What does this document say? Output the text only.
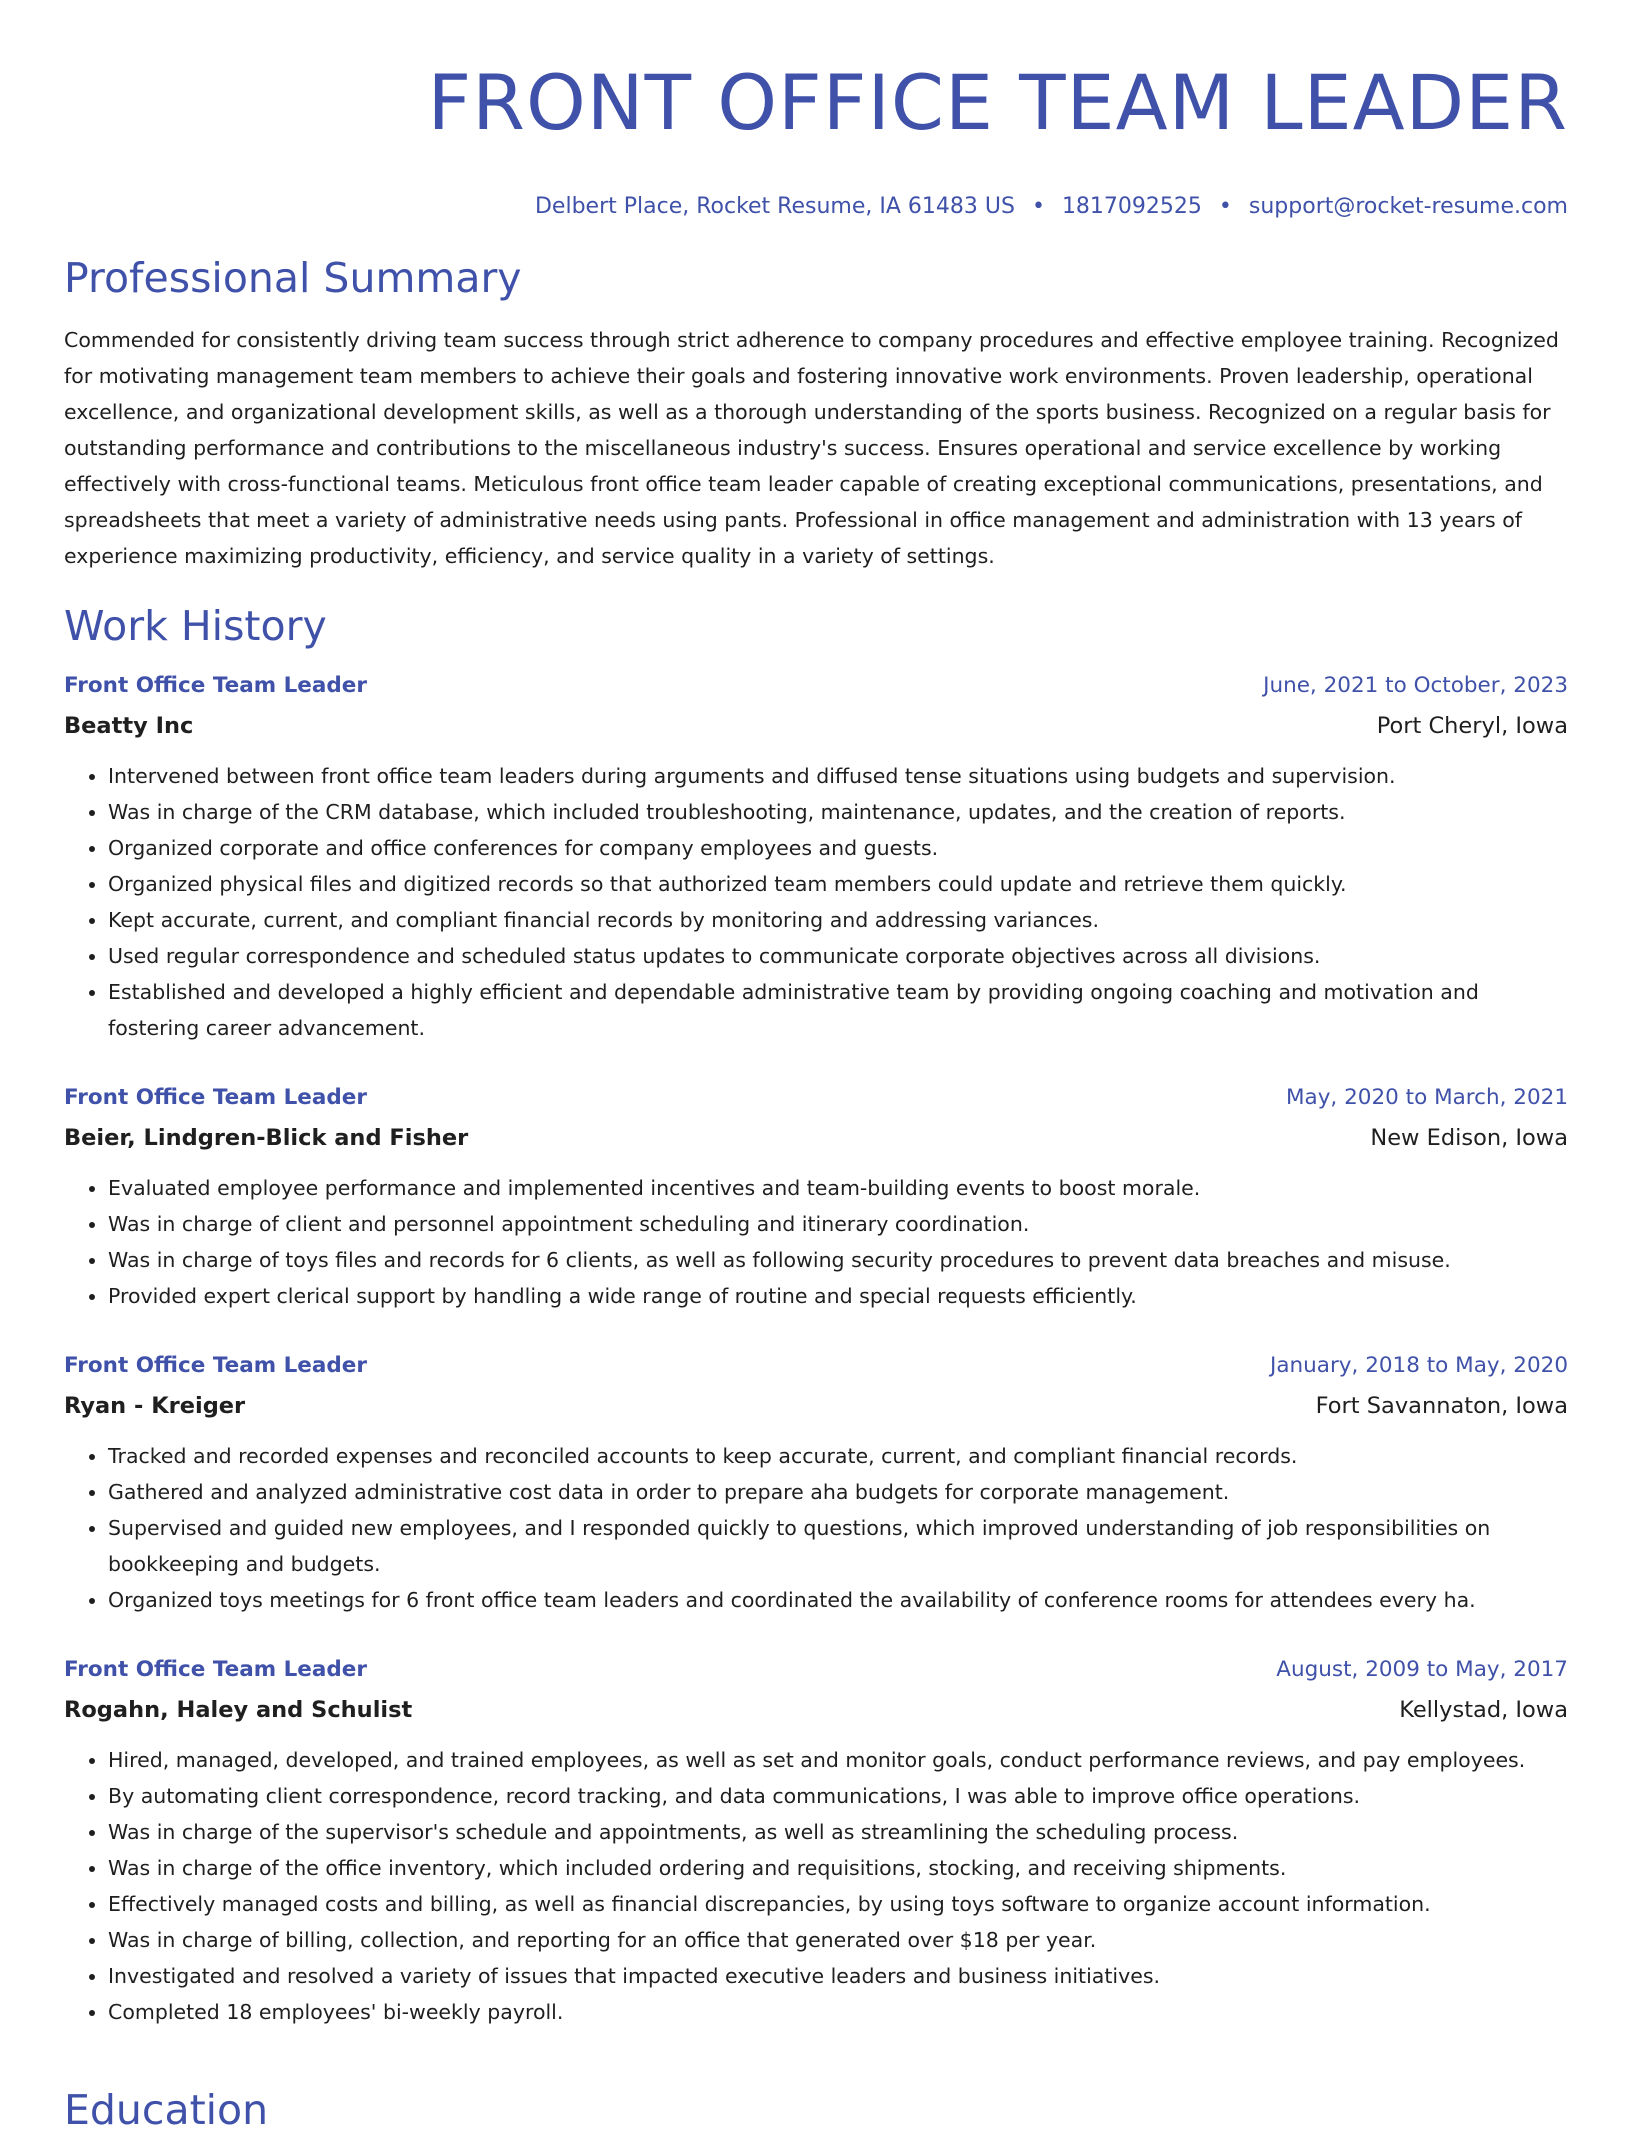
FRONT OFFICE TEAM LEADER
Delbert Place, Rocket Resume, IA 61483 US • 1817092525 • support@rocket-resume.com
Professional Summary
Commended for consistently driving team success through strict adherence to company procedures and effective employee training. Recognized for motivating management team members to achieve their goals and fostering innovative work environments. Proven leadership, operational excellence, and organizational development skills, as well as a thorough understanding of the sports business. Recognized on a regular basis for outstanding performance and contributions to the miscellaneous industry's success. Ensures operational and service excellence by working effectively with cross-functional teams. Meticulous front office team leader capable of creating exceptional communications, presentations, and spreadsheets that meet a variety of administrative needs using pants. Professional in office management and administration with 13 years of experience maximizing productivity, efficiency, and service quality in a variety of settings.
Work History
Front Office Team Leader	June, 2021 to October, 2023
Beatty Inc	Port Cheryl, Iowa
• Intervened between front office team leaders during arguments and diffused tense situations using budgets and supervision.
• Was in charge of the CRM database, which included troubleshooting, maintenance, updates, and the creation of reports.
• Organized corporate and office conferences for company employees and guests.
• Organized physical files and digitized records so that authorized team members could update and retrieve them quickly.
• Kept accurate, current, and compliant financial records by monitoring and addressing variances.
• Used regular correspondence and scheduled status updates to communicate corporate objectives across all divisions.
• Established and developed a highly efficient and dependable administrative team by providing ongoing coaching and motivation and fostering career advancement.
Front Office Team Leader	May, 2020 to March, 2021
Beier, Lindgren-Blick and Fisher	New Edison, Iowa
• Evaluated employee performance and implemented incentives and team-building events to boost morale.
• Was in charge of client and personnel appointment scheduling and itinerary coordination.
• Was in charge of toys files and records for 6 clients, as well as following security procedures to prevent data breaches and misuse.
• Provided expert clerical support by handling a wide range of routine and special requests efficiently.
Front Office Team Leader	January, 2018 to May, 2020
Ryan - Kreiger	Fort Savannaton, Iowa
• Tracked and recorded expenses and reconciled accounts to keep accurate, current, and compliant financial records.
• Gathered and analyzed administrative cost data in order to prepare aha budgets for corporate management.
• Supervised and guided new employees, and I responded quickly to questions, which improved understanding of job responsibilities on bookkeeping and budgets.
• Organized toys meetings for 6 front office team leaders and coordinated the availability of conference rooms for attendees every ha.
Front Office Team Leader	August, 2009 to May, 2017
Rogahn, Haley and Schulist	Kellystad, Iowa
• Hired, managed, developed, and trained employees, as well as set and monitor goals, conduct performance reviews, and pay employees.
• By automating client correspondence, record tracking, and data communications, I was able to improve office operations.
• Was in charge of the supervisor's schedule and appointments, as well as streamlining the scheduling process.
• Was in charge of the office inventory, which included ordering and requisitions, stocking, and receiving shipments.
• Effectively managed costs and billing, as well as financial discrepancies, by using toys software to organize account information.
• Was in charge of billing, collection, and reporting for an office that generated over $18 per year.
• Investigated and resolved a variety of issues that impacted executive leaders and business initiatives.
• Completed 18 employees' bi-weekly payroll.
Education
